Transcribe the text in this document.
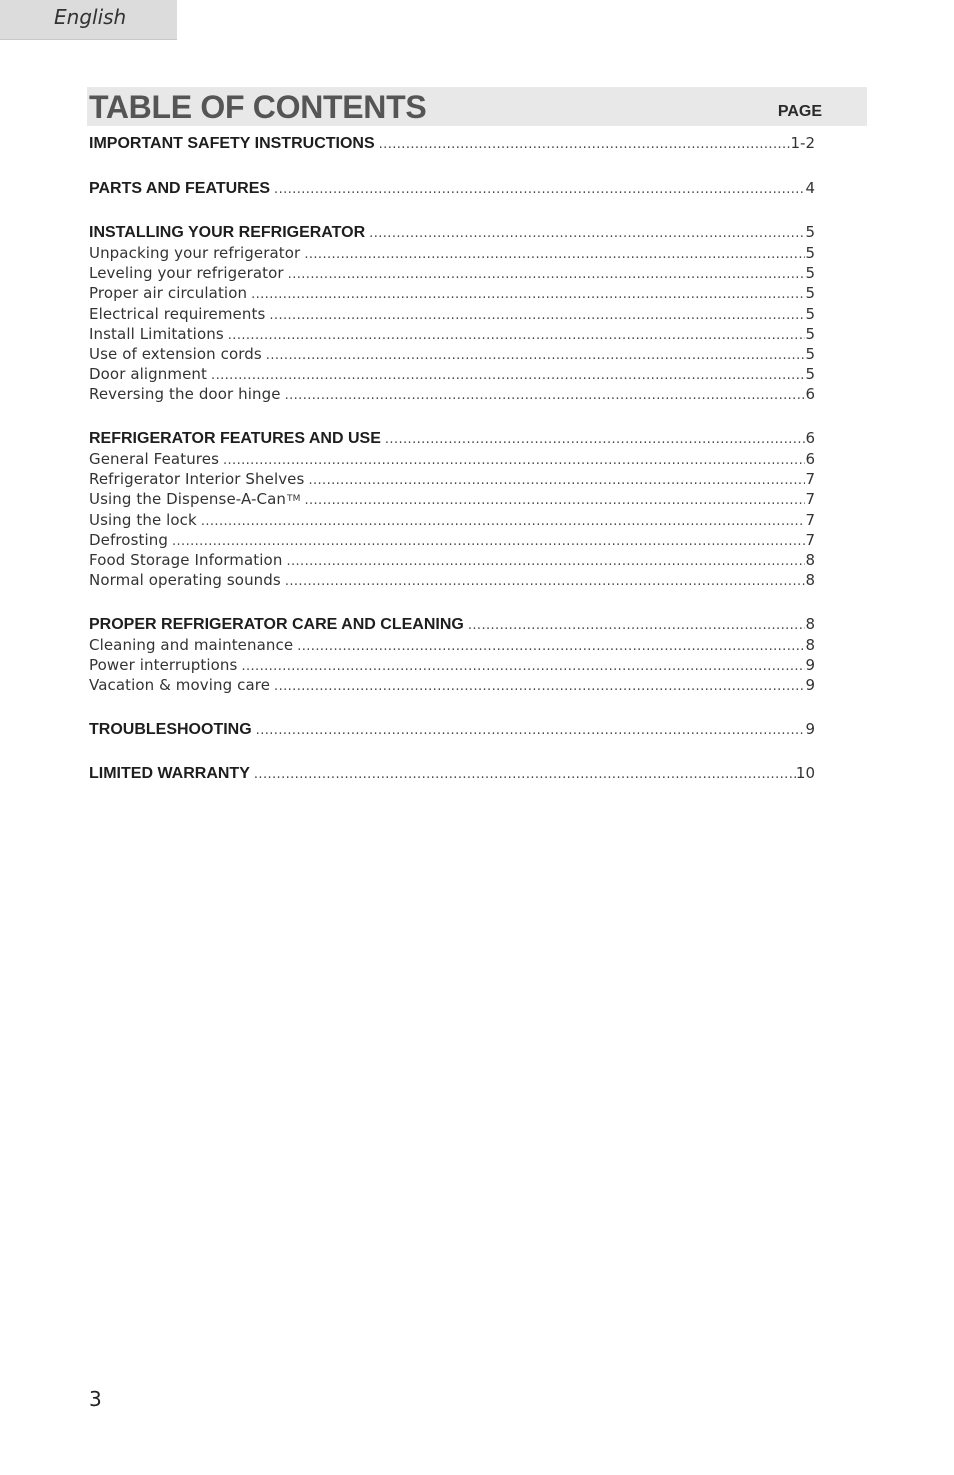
English
TABLE OF CONTENTS	PAGE
IMPORTANT SAFETY INSTRUCTIONS .....	1-2
PARTS AND FEATURES .....	4
INSTALLING YOUR REFRIGERATOR .....	5
Unpacking your refrigerator .....	5
Leveling your refrigerator .....	5
Proper air circulation .....	5
Electrical requirements .....	5
Install Limitations .....	5
Use of extension cords .....	5
Door alignment .....	5
Reversing the door hinge .....	6
REFRIGERATOR FEATURES AND USE .....	6
General Features .....	6
Refrigerator Interior Shelves .....	7
Using the Dispense-A-Can™ .....	7
Using the lock .....	7
Defrosting .....	7
Food Storage Information .....	8
Normal operating sounds .....	8
PROPER REFRIGERATOR CARE AND CLEANING .....	8
Cleaning and maintenance .....	8
Power interruptions .....	9
Vacation & moving care .....	9
TROUBLESHOOTING .....	9
LIMITED WARRANTY .....	10
3
